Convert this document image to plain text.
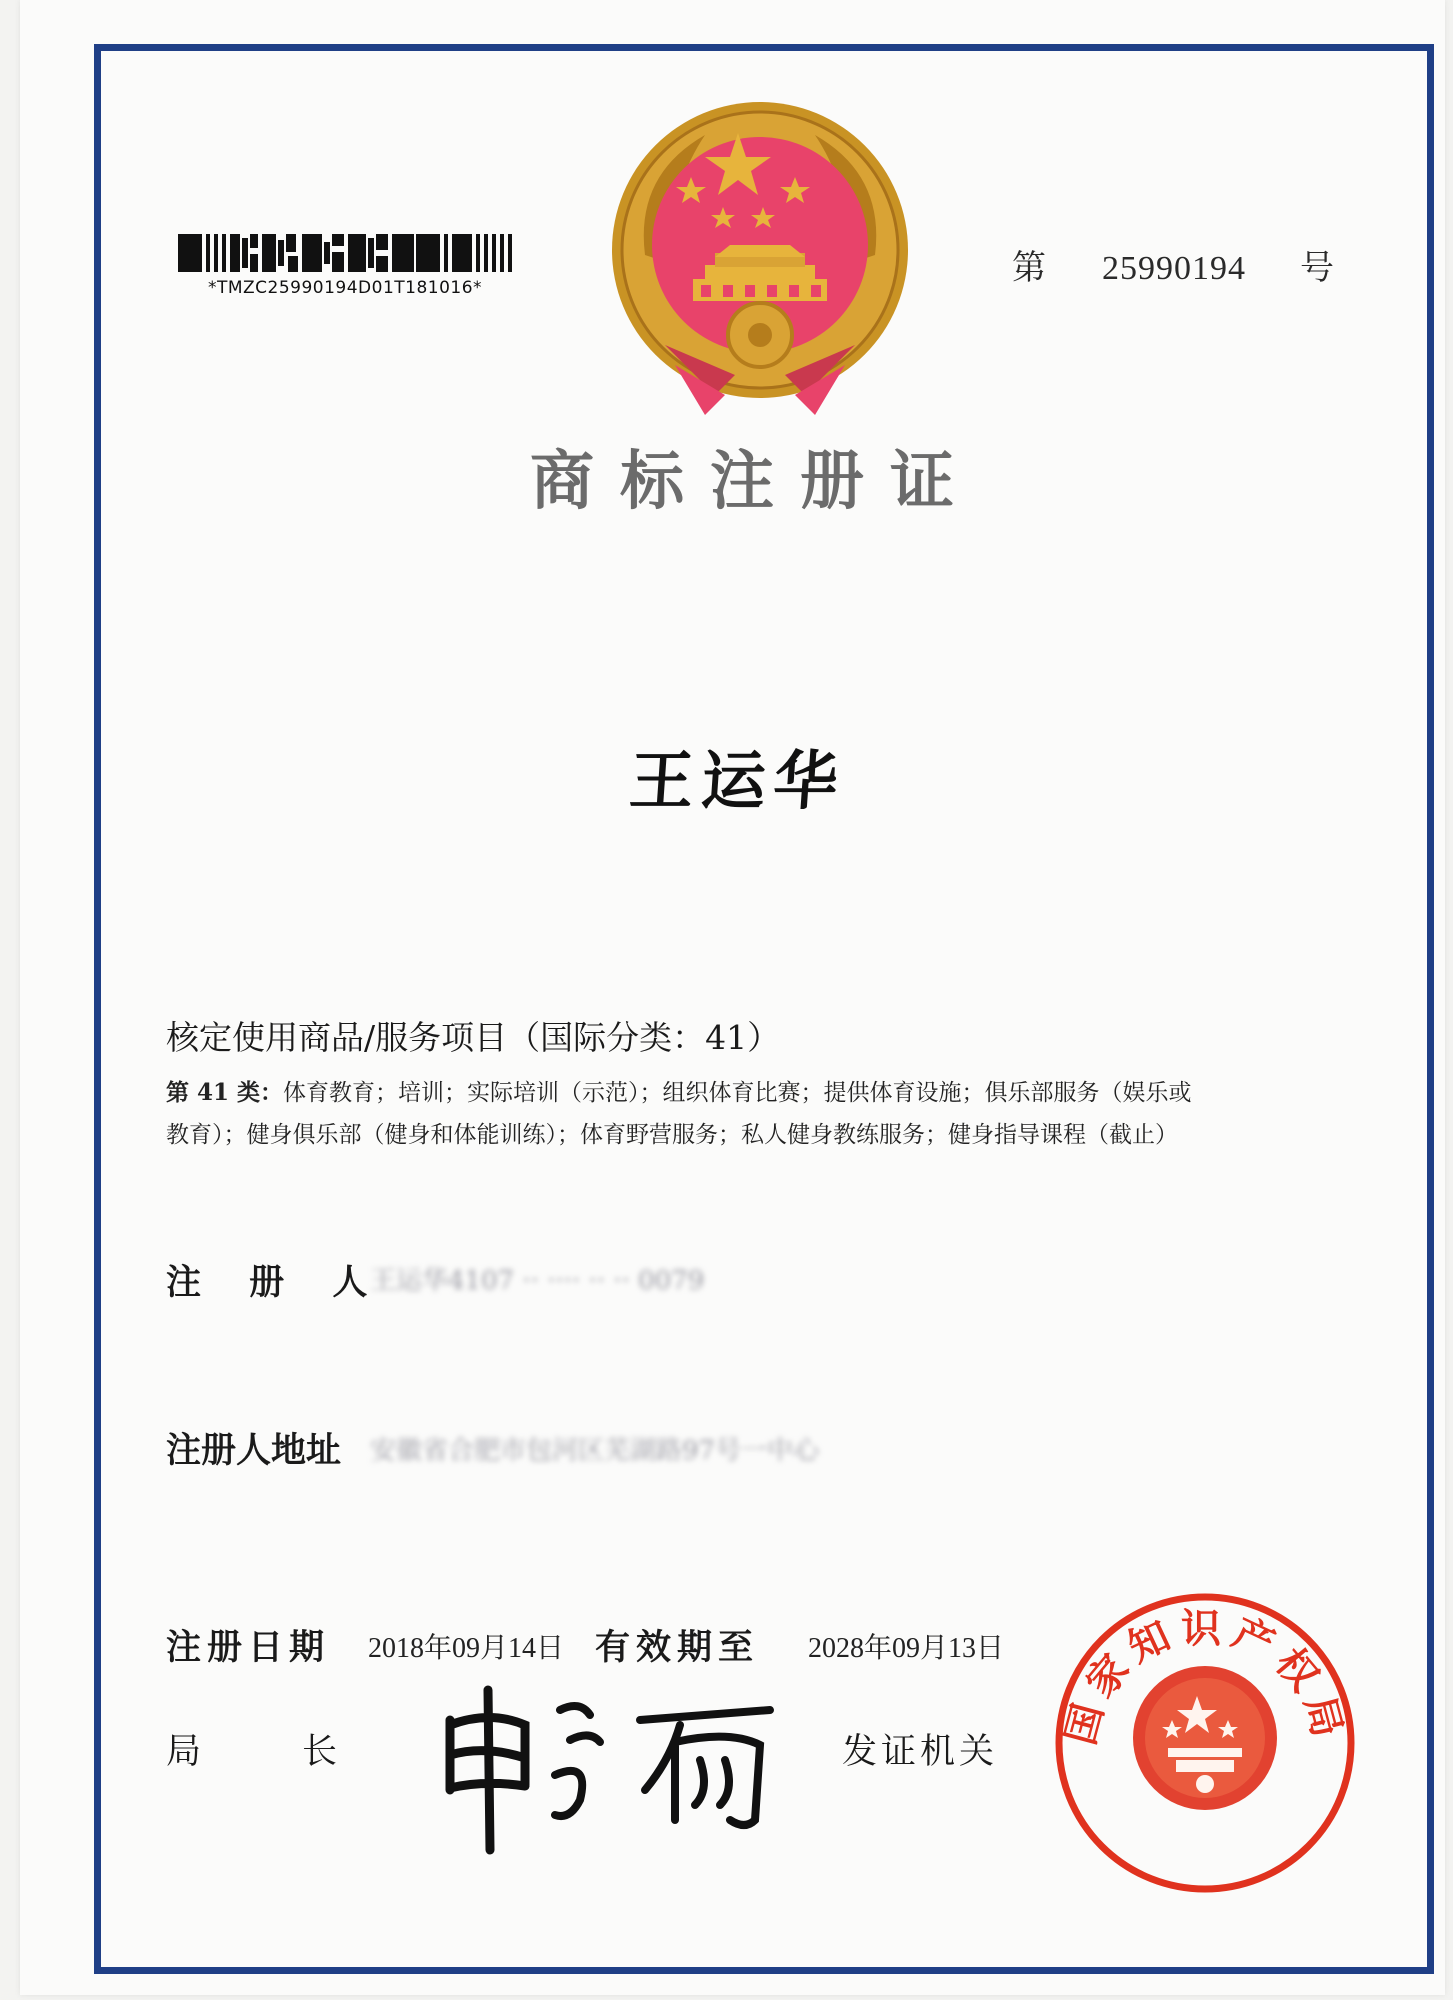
*TMZC25990194D01T181016*
第 25990194 号
商标注册证
王运华
核定使用商品/服务项目（国际分类：41）
第 41 类：体育教育；培训；实际培训（示范）；组织体育比赛；提供体育设施；俱乐部服务（娱乐或
教育）；健身俱乐部（健身和体能训练）；体育野营服务；私人健身教练服务；健身指导课程（截止）
注 册 人
王运华4107 ·· ···· ·· ·· 0079
注册人地址 安徽省合肥市包河区芜湖路97号一中心
注册日期 2018年09月14日 有效期至 2028年09月13日
局	长	发证机关
国家知识产权局
